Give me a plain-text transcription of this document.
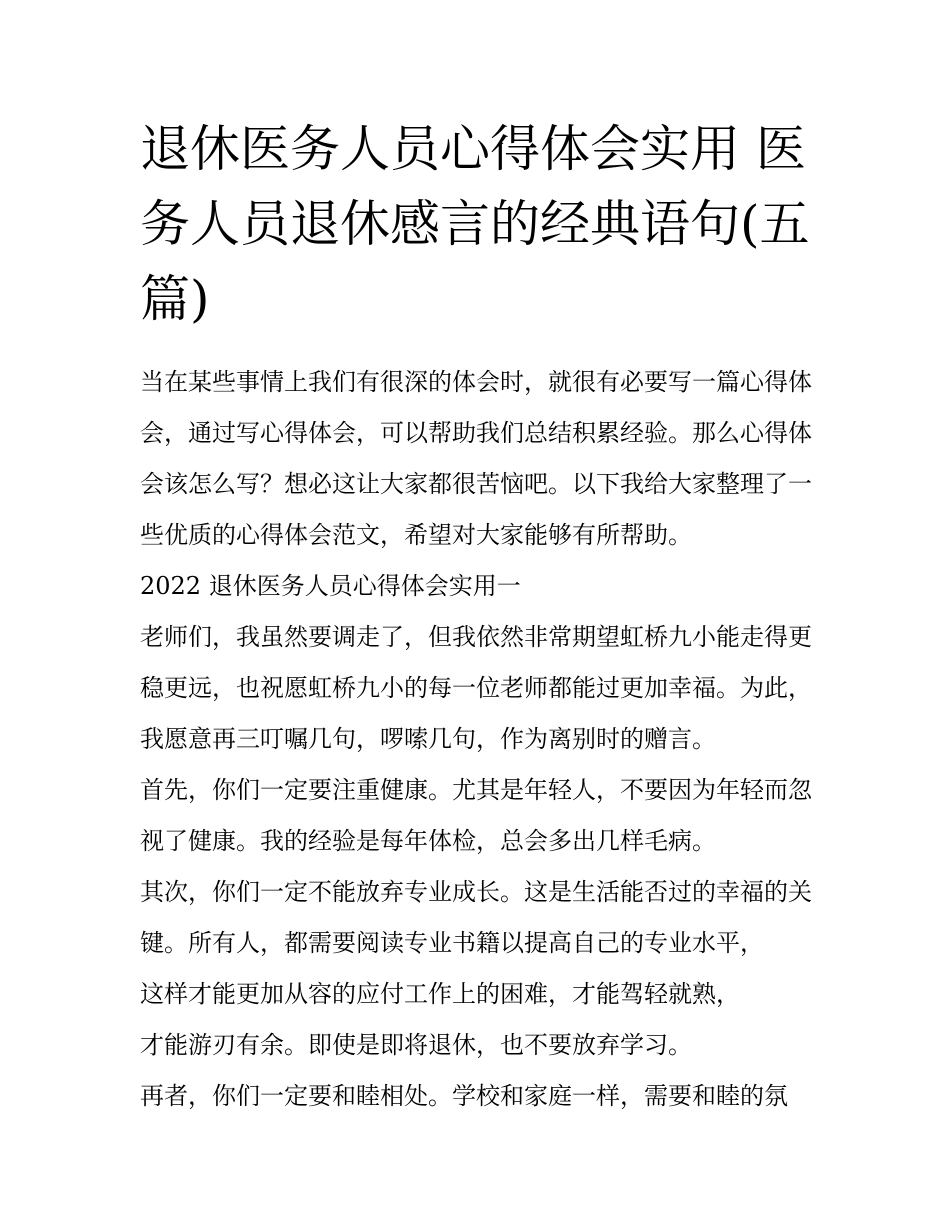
退休医务人员心得体会实用 医务人员退休感言的经典语句(五篇)

当在某些事情上我们有很深的体会时，就很有必要写一篇心得体会，通过写心得体会，可以帮助我们总结积累经验。那么心得体会该怎么写？想必这让大家都很苦恼吧。以下我给大家整理了一些优质的心得体会范文，希望对大家能够有所帮助。

2022 退休医务人员心得体会实用一

老师们，我虽然要调走了，但我依然非常期望虹桥九小能走得更稳更远，也祝愿虹桥九小的每一位老师都能过更加幸福。为此，我愿意再三叮嘱几句，啰嗦几句，作为离别时的赠言。

首先，你们一定要注重健康。尤其是年轻人，不要因为年轻而忽视了健康。我的经验是每年体检，总会多出几样毛病。

其次，你们一定不能放弃专业成长。这是生活能否过的幸福的关键。所有人，都需要阅读专业书籍以提高自己的专业水平，
这样才能更加从容的应付工作上的困难，才能驾轻就熟，
才能游刃有余。即使是即将退休，也不要放弃学习。

再者，你们一定要和睦相处。学校和家庭一样，需要和睦的氛
